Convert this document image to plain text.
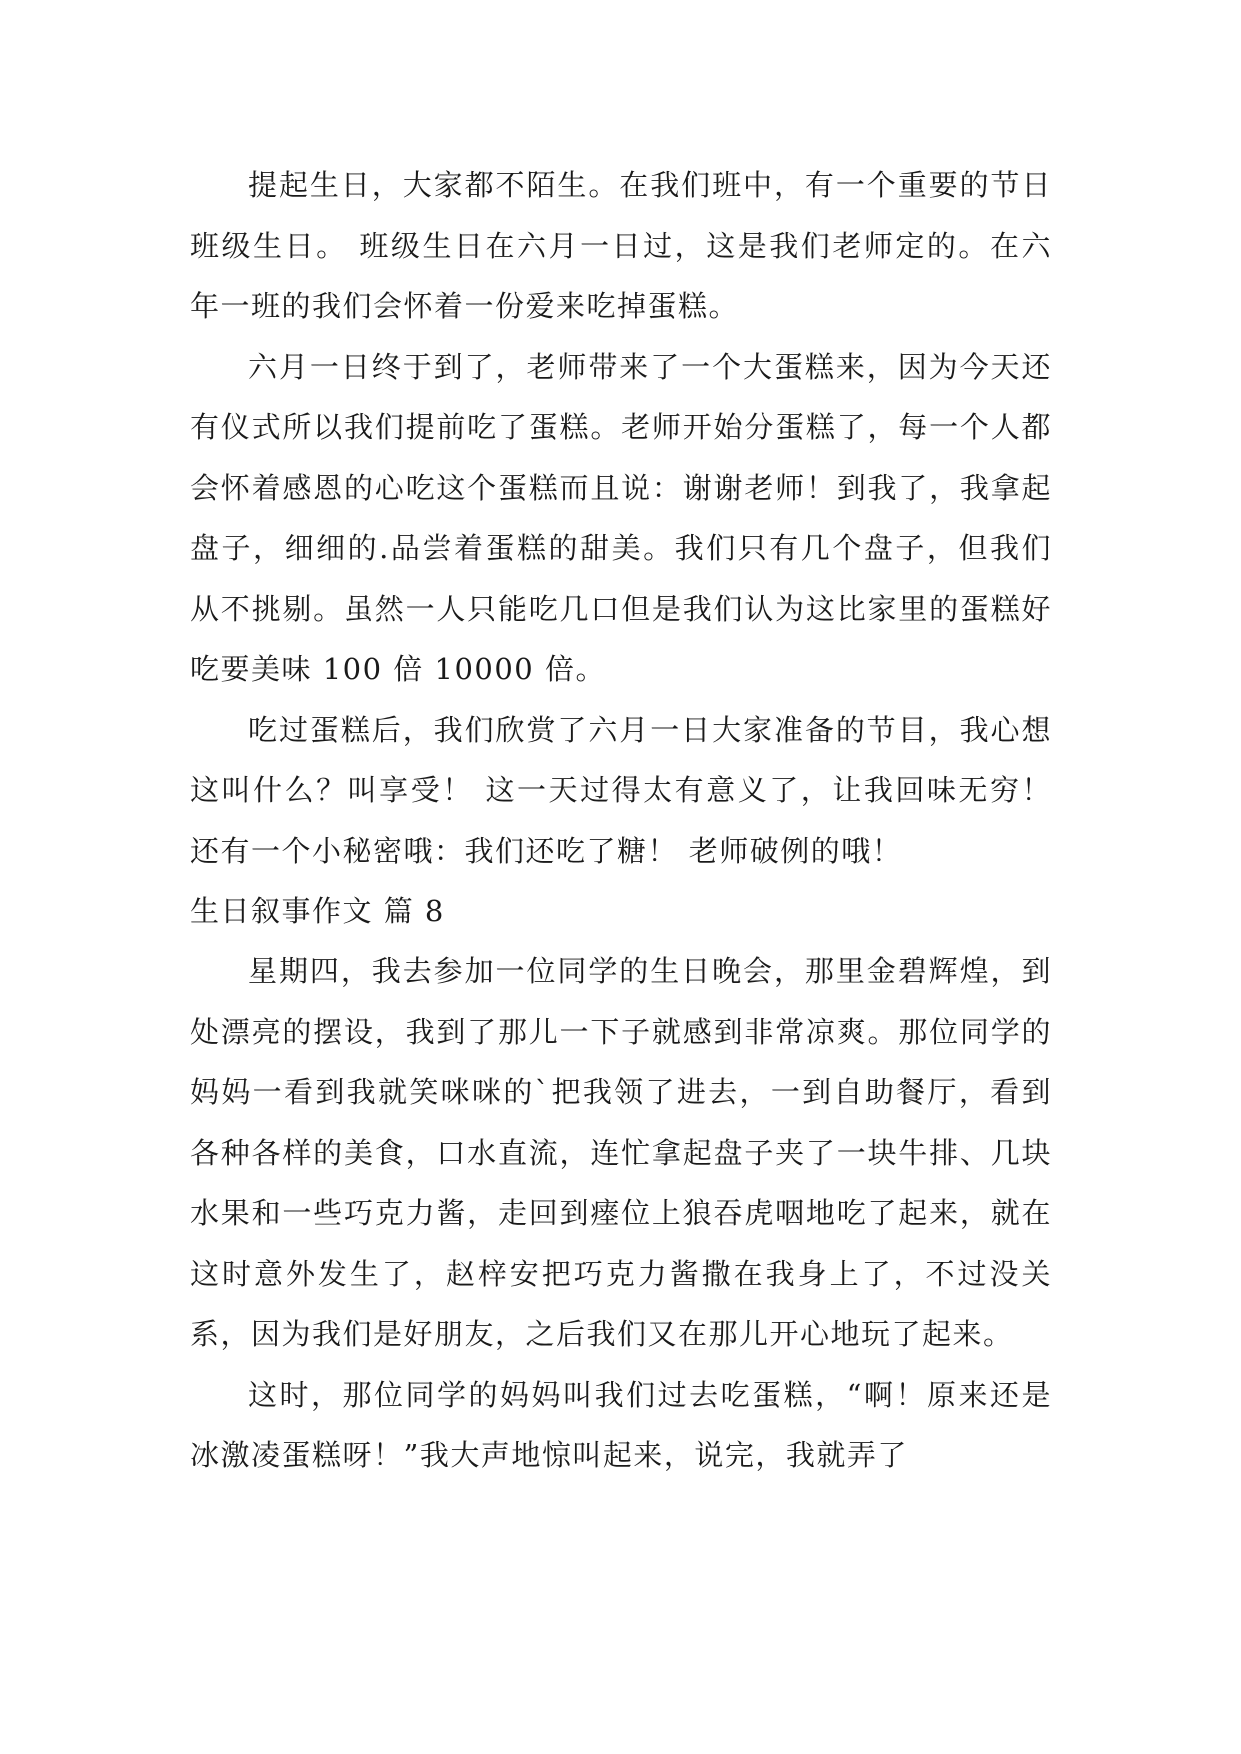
提起生日，大家都不陌生。在我们班中，有一个重要的节日班级生日。 班级生日在六月一日过，这是我们老师定的。在六年一班的我们会怀着一份爱来吃掉蛋糕。

六月一日终于到了，老师带来了一个大蛋糕来，因为今天还有仪式所以我们提前吃了蛋糕。老师开始分蛋糕了，每一个人都会怀着感恩的心吃这个蛋糕而且说：谢谢老师！到我了，我拿起盘子，细细的.品尝着蛋糕的甜美。我们只有几个盘子，但我们从不挑剔。虽然一人只能吃几口但是我们认为这比家里的蛋糕好吃要美味 100 倍 10000 倍。

吃过蛋糕后，我们欣赏了六月一日大家准备的节目，我心想这叫什么？叫享受！ 这一天过得太有意义了，让我回味无穷！ 还有一个小秘密哦：我们还吃了糖！ 老师破例的哦！

生日叙事作文 篇 8

星期四，我去参加一位同学的生日晚会，那里金碧辉煌，到处漂亮的摆设，我到了那儿一下子就感到非常凉爽。那位同学的妈妈一看到我就笑咪咪的`把我领了进去，一到自助餐厅，看到各种各样的美食，口水直流，连忙拿起盘子夹了一块牛排、几块水果和一些巧克力酱，走回到瘗位上狼吞虎咽地吃了起来，就在这时意外发生了，赵梓安把巧克力酱撒在我身上了，不过没关系，因为我们是好朋友，之后我们又在那儿开心地玩了起来。

这时，那位同学的妈妈叫我们过去吃蛋糕，“啊！原来还是冰激凌蛋糕呀！”我大声地惊叫起来，说完，我就弄了
